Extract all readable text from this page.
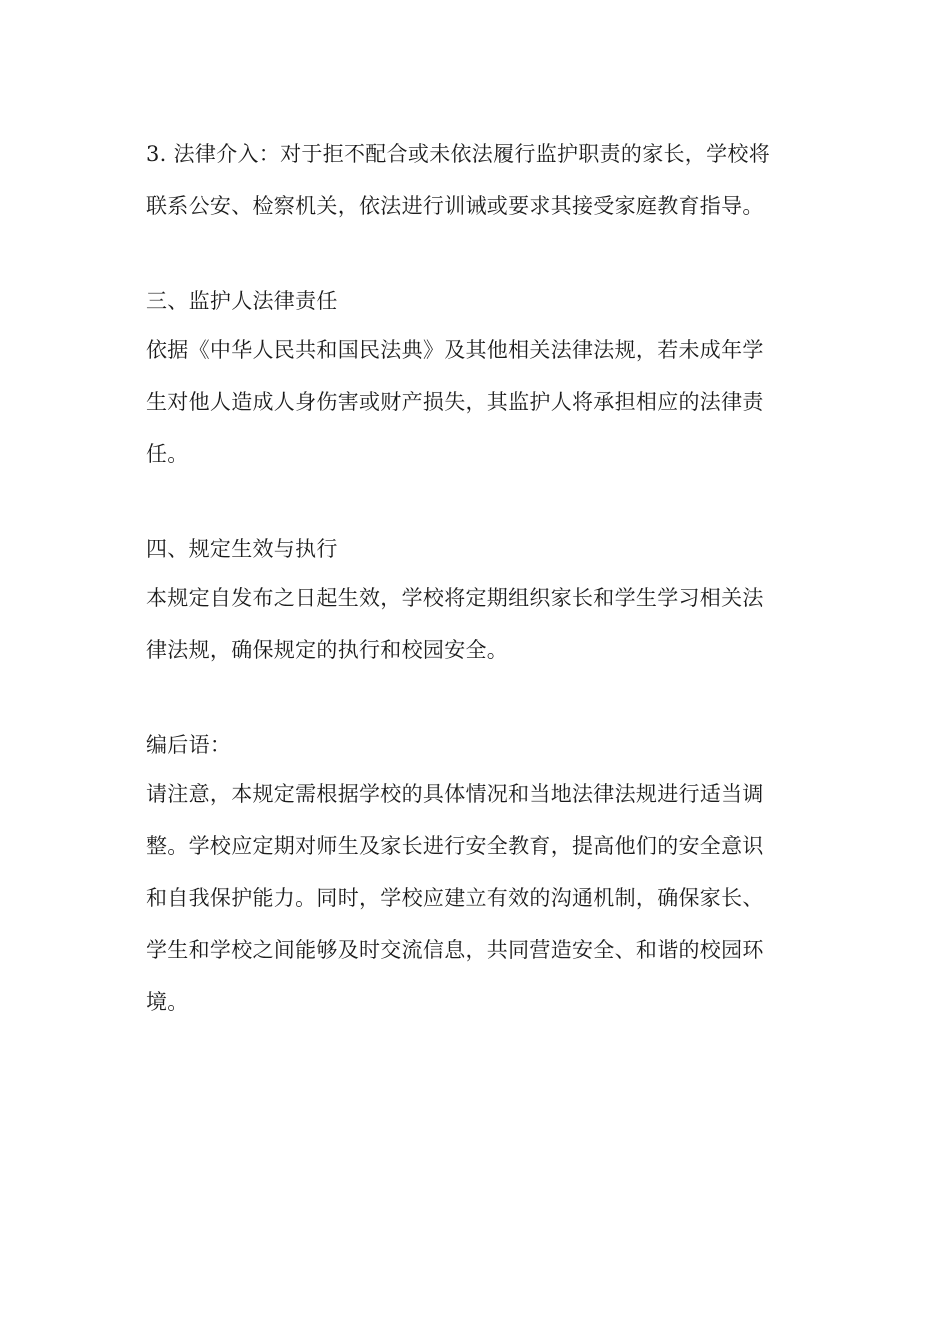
3. 法律介入：对于拒不配合或未依法履行监护职责的家长，学校将
联系公安、检察机关，依法进行训诫或要求其接受家庭教育指导。
三、监护人法律责任
依据《中华人民共和国民法典》及其他相关法律法规，若未成年学
生对他人造成人身伤害或财产损失，其监护人将承担相应的法律责
任。
四、规定生效与执行
本规定自发布之日起生效，学校将定期组织家长和学生学习相关法
律法规，确保规定的执行和校园安全。
编后语：
请注意，本规定需根据学校的具体情况和当地法律法规进行适当调
整。学校应定期对师生及家长进行安全教育，提高他们的安全意识
和自我保护能力。同时，学校应建立有效的沟通机制，确保家长、
学生和学校之间能够及时交流信息，共同营造安全、和谐的校园环
境。
